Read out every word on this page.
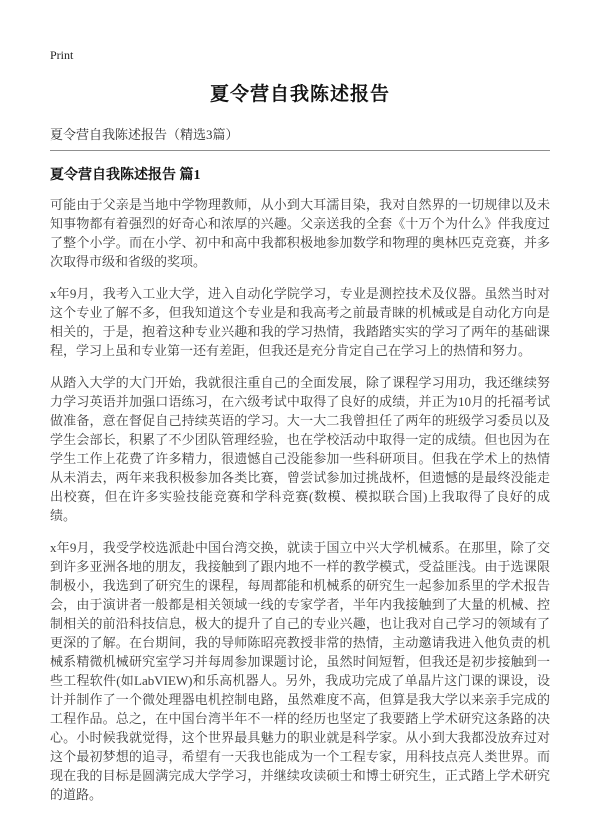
Print
夏令营自我陈述报告
夏令营自我陈述报告（精选3篇）
夏令营自我陈述报告 篇1

可能由于父亲是当地中学物理教师，从小到大耳濡目染，我对自然界的一切规律以及未知事物都有着强烈的好奇心和浓厚的兴趣。父亲送我的全套《十万个为什么》伴我度过了整个小学。而在小学、初中和高中我都积极地参加数学和物理的奥林匹克竞赛，并多次取得市级和省级的奖项。

x年9月，我考入工业大学，进入自动化学院学习，专业是测控技术及仪器。虽然当时对这个专业了解不多，但我知道这个专业是和我高考之前最青睐的机械或是自动化方向是相关的，于是，抱着这种专业兴趣和我的学习热情，我踏踏实实的学习了两年的基础课程，学习上虽和专业第一还有差距，但我还是充分肯定自己在学习上的热情和努力。

从踏入大学的大门开始，我就很注重自己的全面发展，除了课程学习用功，我还继续努力学习英语并加强口语练习，在六级考试中取得了良好的成绩，并正为10月的托福考试做准备，意在督促自己持续英语的学习。大一大二我曾担任了两年的班级学习委员以及学生会部长，积累了不少团队管理经验，也在学校活动中取得一定的成绩。但也因为在学生工作上花费了许多精力，很遗憾自己没能参加一些科研项目。但我在学术上的热情从未消去，两年来我积极参加各类比赛，曾尝试参加过挑战杯，但遗憾的是最终没能走出校赛，但在许多实验技能竞赛和学科竞赛(数模、模拟联合国)上我取得了良好的成绩。

x年9月，我受学校选派赴中国台湾交换，就读于国立中兴大学机械系。在那里，除了交到许多亚洲各地的朋友，我接触到了跟内地不一样的教学模式，受益匪浅。由于选课限制极小，我选到了研究生的课程，每周都能和机械系的研究生一起参加系里的学术报告会，由于演讲者一般都是相关领域一线的专家学者，半年内我接触到了大量的机械、控制相关的前沿科技信息，极大的提升了自己的专业兴趣，也让我对自己学习的领域有了更深的了解。在台期间，我的导师陈昭亮教授非常的热情，主动邀请我进入他负责的机械系精微机械研究室学习并每周参加课题讨论，虽然时间短暂，但我还是初步接触到一些工程软件(如LabVIEW)和乐高机器人。另外，我成功完成了单晶片这门课的课设，设计并制作了一个微处理器电机控制电路，虽然难度不高，但算是我大学以来亲手完成的工程作品。总之，在中国台湾半年不一样的经历也坚定了我要踏上学术研究这条路的决心。小时候我就觉得，这个世界最具魅力的职业就是科学家。从小到大我都没放弃过对这个最初梦想的追寻，希望有一天我也能成为一个工程专家，用科技点亮人类世界。而现在我的目标是圆满完成大学学习，并继续攻读硕士和博士研究生，正式踏上学术研究的道路。
